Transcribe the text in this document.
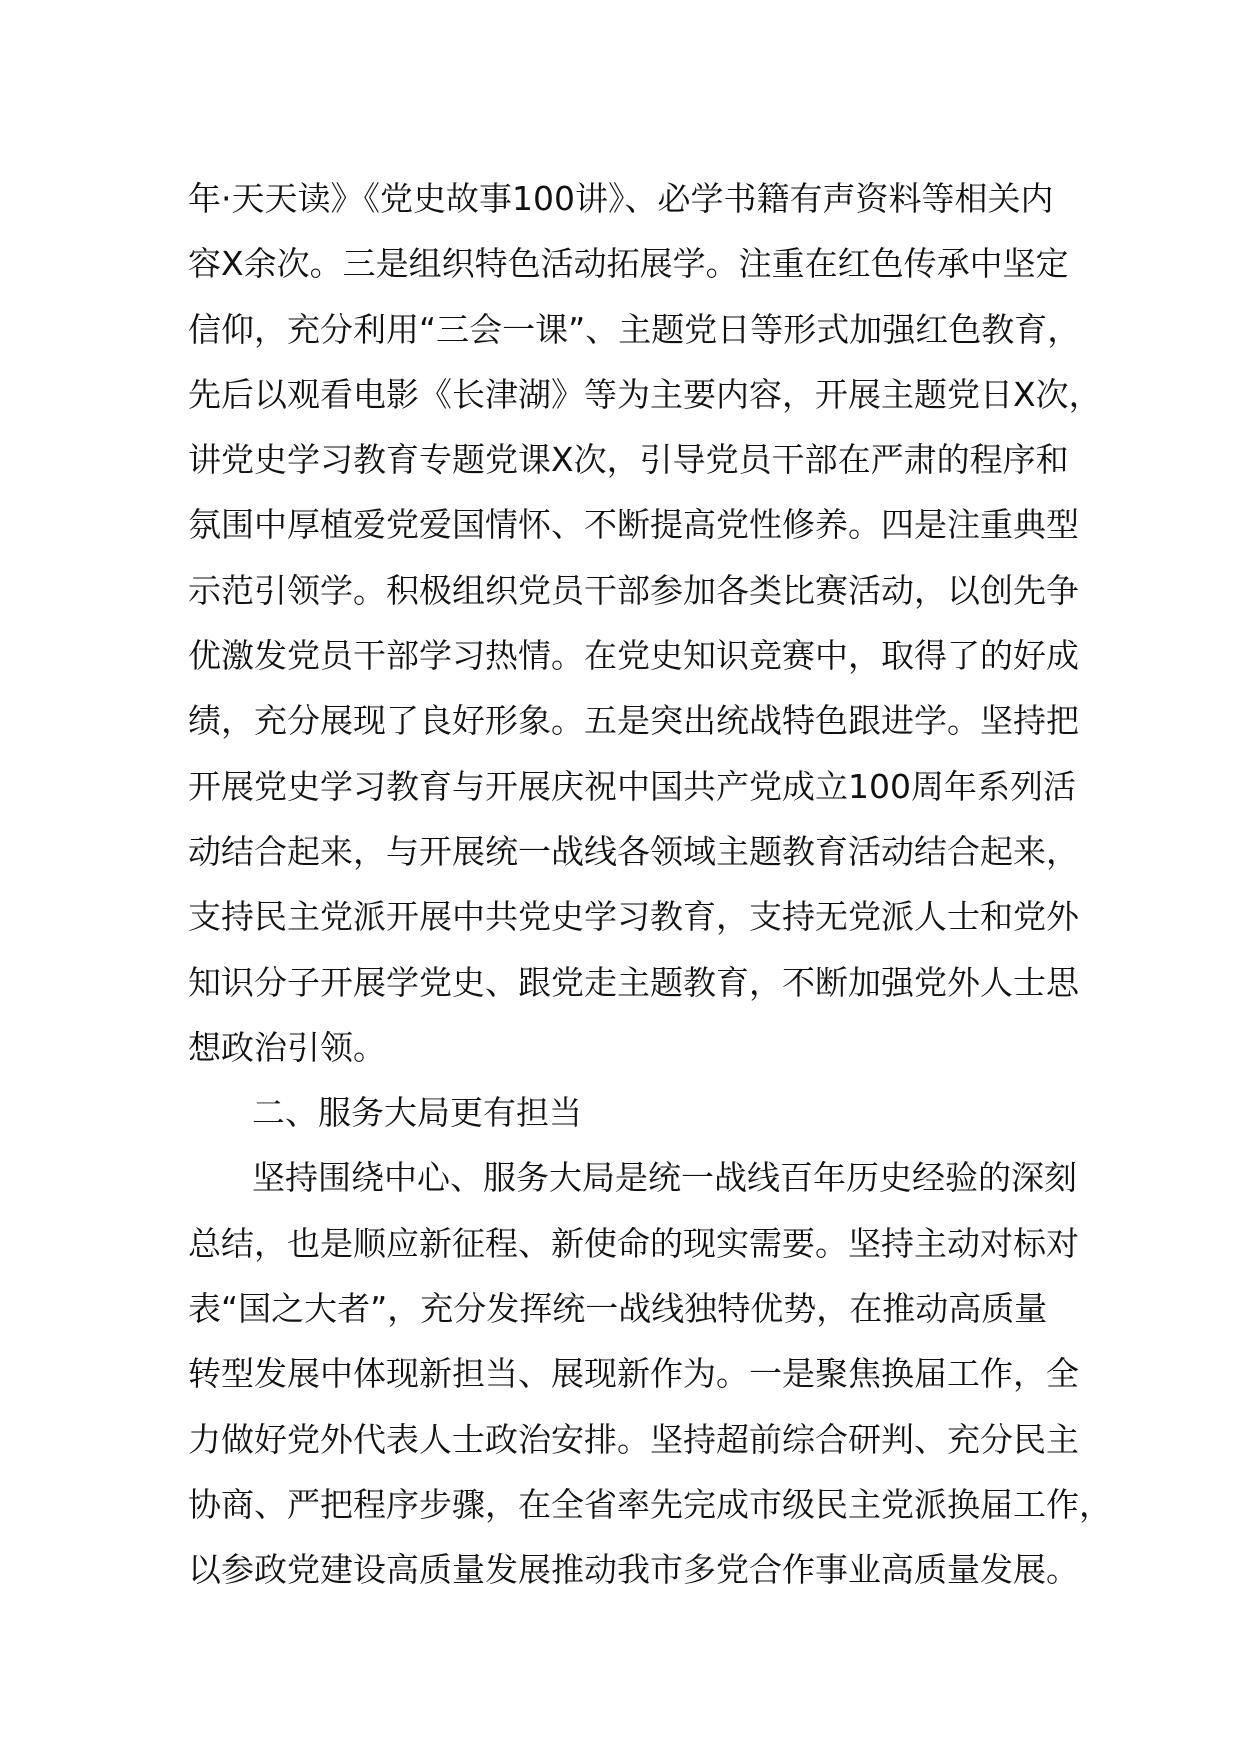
年·天天读》《党史故事100讲》、必学书籍有声资料等相关内
容X余次。三是组织特色活动拓展学。注重在红色传承中坚定
信仰，充分利用“三会一课”、主题党日等形式加强红色教育，
先后以观看电影《长津湖》等为主要内容，开展主题党日X次，
讲党史学习教育专题党课X次，引导党员干部在严肃的程序和
氛围中厚植爱党爱国情怀、不断提高党性修养。四是注重典型
示范引领学。积极组织党员干部参加各类比赛活动，以创先争
优激发党员干部学习热情。在党史知识竞赛中，取得了的好成
绩，充分展现了良好形象。五是突出统战特色跟进学。坚持把
开展党史学习教育与开展庆祝中国共产党成立100周年系列活
动结合起来，与开展统一战线各领域主题教育活动结合起来，
支持民主党派开展中共党史学习教育，支持无党派人士和党外
知识分子开展学党史、跟党走主题教育，不断加强党外人士思
想政治引领。
二、服务大局更有担当
坚持围绕中心、服务大局是统一战线百年历史经验的深刻
总结，也是顺应新征程、新使命的现实需要。坚持主动对标对
表“国之大者”，充分发挥统一战线独特优势，在推动高质量
转型发展中体现新担当、展现新作为。一是聚焦换届工作，全
力做好党外代表人士政治安排。坚持超前综合研判、充分民主
协商、严把程序步骤，在全省率先完成市级民主党派换届工作，
以参政党建设高质量发展推动我市多党合作事业高质量发展。
